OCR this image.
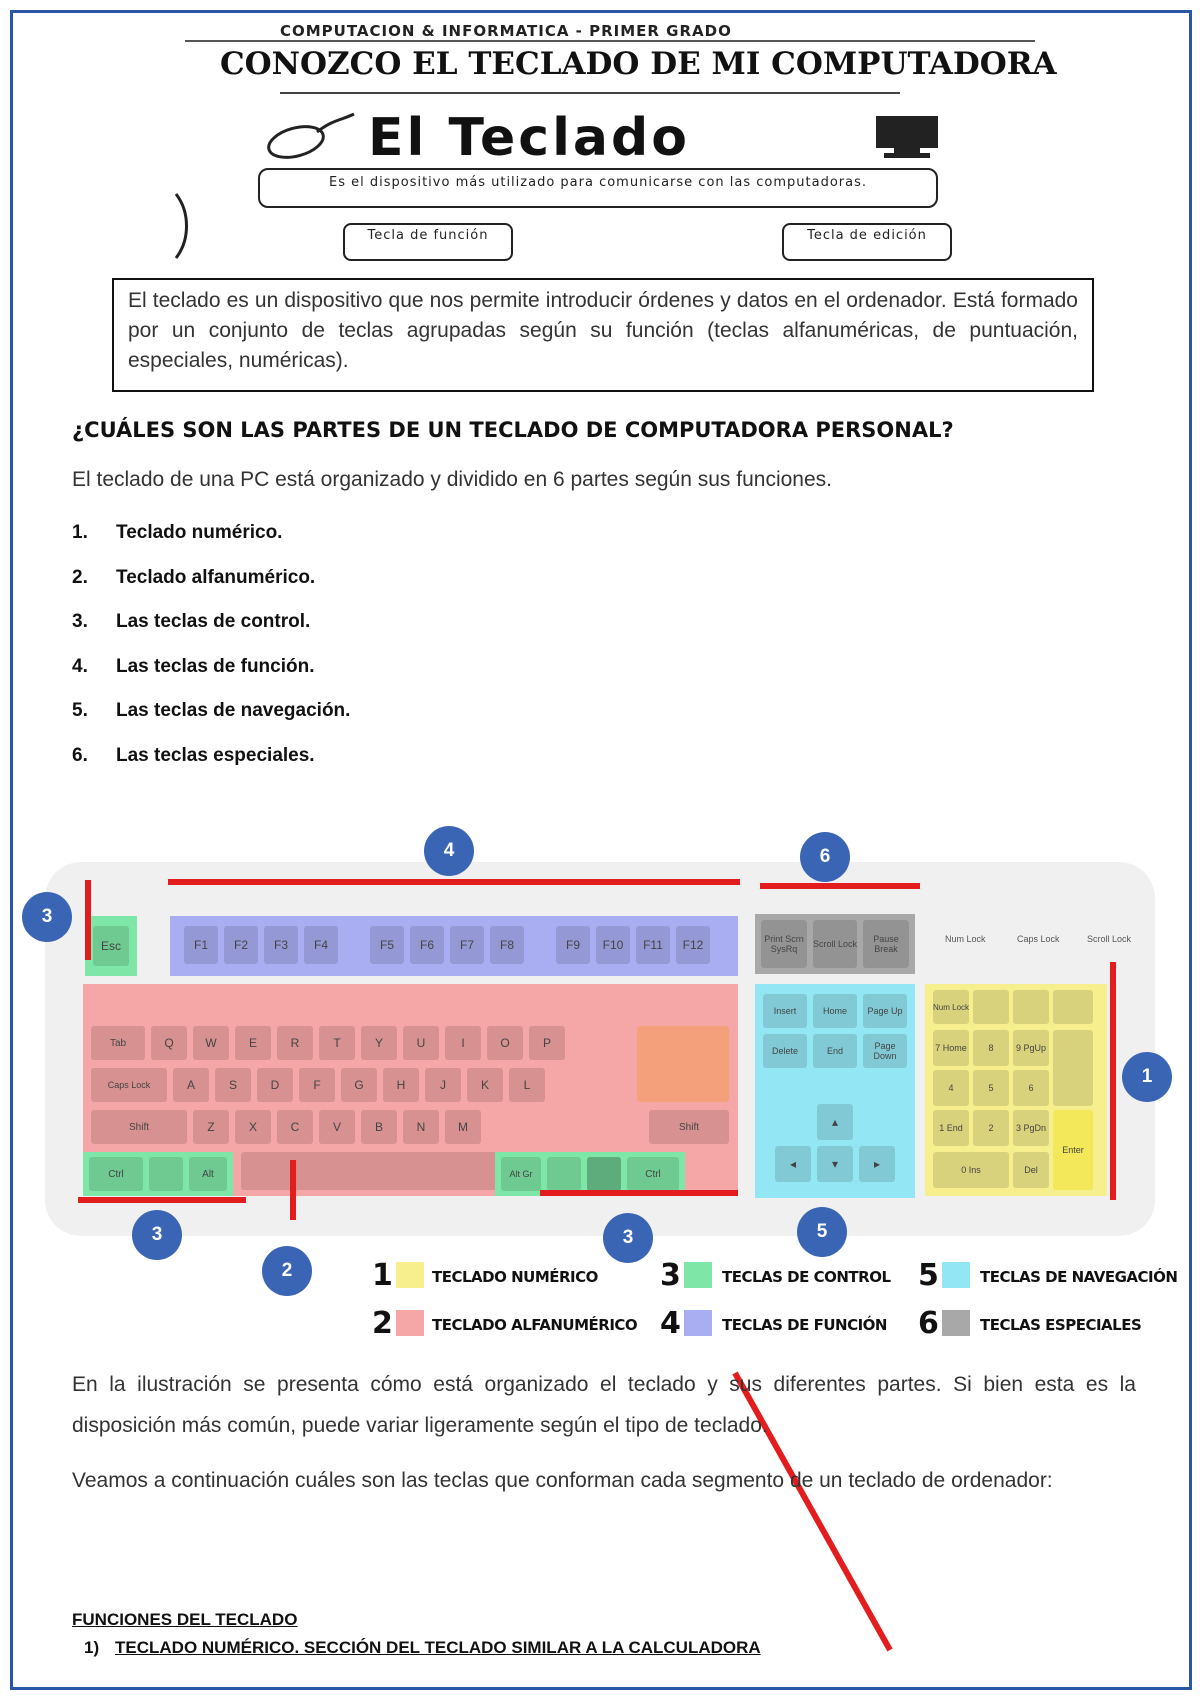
COMPUTACION & INFORMATICA - PRIMER GRADO
CONOZCO EL TECLADO DE MI COMPUTADORA
El Teclado
Es el dispositivo más utilizado para comunicarse con las computadoras.
Tecla de función	Tecla de edición
El teclado es un dispositivo que nos permite introducir órdenes y datos en el ordenador. Está formado por un conjunto de teclas agrupadas según su función (teclas alfanuméricas, de puntuación, especiales, numéricas).
¿CUÁLES SON LAS PARTES DE UN TECLADO DE COMPUTADORA PERSONAL?
El teclado de una PC está organizado y dividido en 6 partes según sus funciones.
1.	Teclado numérico.
2.	Teclado alfanumérico.
3.	Las teclas de control.
4.	Las teclas de función.
5.	Las teclas de navegación.
6.	Las teclas especiales.
Esc	F1	F2	F3	F4	F5	F6	F7	F8	F9	F10	F11	F12	Print Scrn SysRq	Scroll Lock	Pause Break
Num Lock	Caps Lock	Scroll Lock
Tab	Q	W	E	R	T	Y	U	I	O	P
Caps Lock	A	S	D	F	G	H	J	K	L
Shift	Z	X	C	V	B	N	M	Shift
Ctrl	Alt	Alt Gr	Ctrl
Insert	Home	Page Up
Delete	End	Page Down
▴
◂	▾	▸
Num Lock
7 Home	8	9 PgUp
4	5	6
1 End	2	3 PgDn
Enter
0 Ins	Del
4	6
3
1
3
2
3	5
1	TECLADO NUMÉRICO 3	TECLAS DE CONTROL 5	TECLAS DE NAVEGACIÓN
2	TECLADO ALFANUMÉRICO 4	TECLAS DE FUNCIÓN 6	TECLAS ESPECIALES
En la ilustración se presenta cómo está organizado el teclado y sus diferentes partes. Si bien esta es la disposición más común, puede variar ligeramente según el tipo de teclado.
Veamos a continuación cuáles son las teclas que conforman cada segmento de un teclado de ordenador:
FUNCIONES DEL TECLADO
1) TECLADO NUMÉRICO. SECCIÓN DEL TECLADO SIMILAR A LA CALCULADORA
